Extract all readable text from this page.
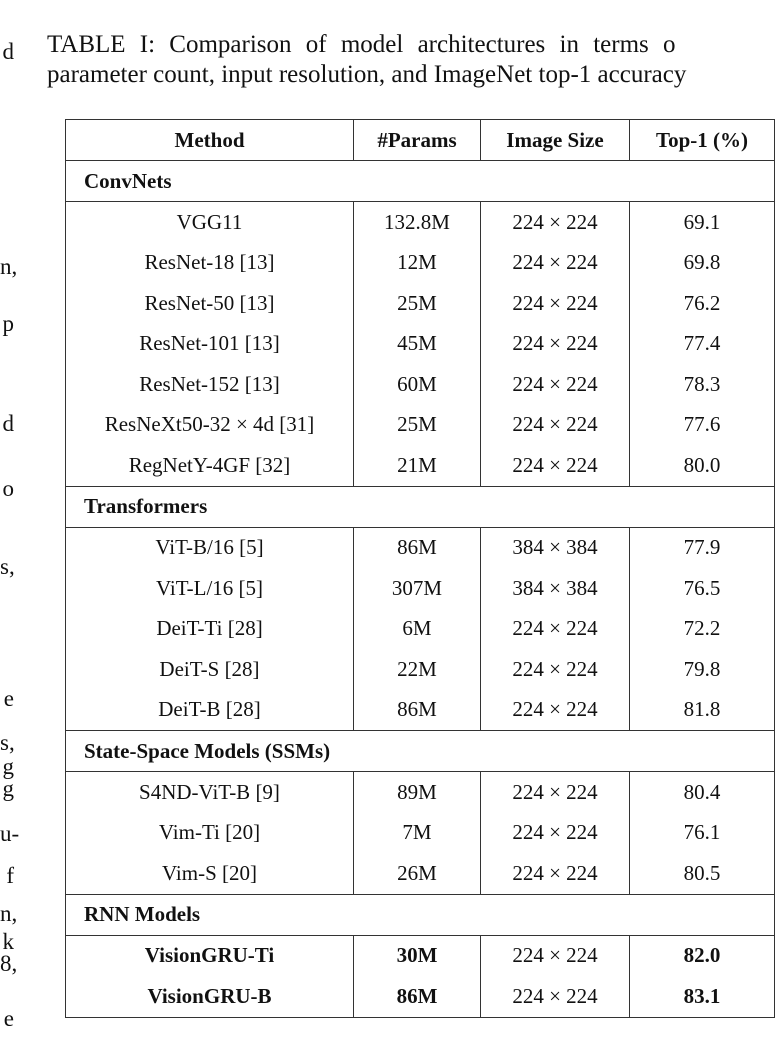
d
n,
p
d
o
s,
e
s,
g
g
u-
f
n,
k
8,
e
TABLE I: Comparison of model architectures in terms o
parameter count, input resolution, and ImageNet top-1 accuracy
Method	#Params	Image Size	Top-1 (%)
ConvNets			
VGG11	132.8M	224 × 224	69.1
ResNet-18 [13]	12M	224 × 224	69.8
ResNet-50 [13]	25M	224 × 224	76.2
ResNet-101 [13]	45M	224 × 224	77.4
ResNet-152 [13]	60M	224 × 224	78.3
ResNeXt50-32 × 4d [31]	25M	224 × 224	77.6
RegNetY-4GF [32]	21M	224 × 224	80.0
Transformers			
ViT-B/16 [5]	86M	384 × 384	77.9
ViT-L/16 [5]	307M	384 × 384	76.5
DeiT-Ti [28]	6M	224 × 224	72.2
DeiT-S [28]	22M	224 × 224	79.8
DeiT-B [28]	86M	224 × 224	81.8
State-Space Models (SSMs)			
S4ND-ViT-B [9]	89M	224 × 224	80.4
Vim-Ti [20]	7M	224 × 224	76.1
Vim-S [20]	26M	224 × 224	80.5
RNN Models			
VisionGRU-Ti	30M	224 × 224	82.0
VisionGRU-B	86M	224 × 224	83.1
